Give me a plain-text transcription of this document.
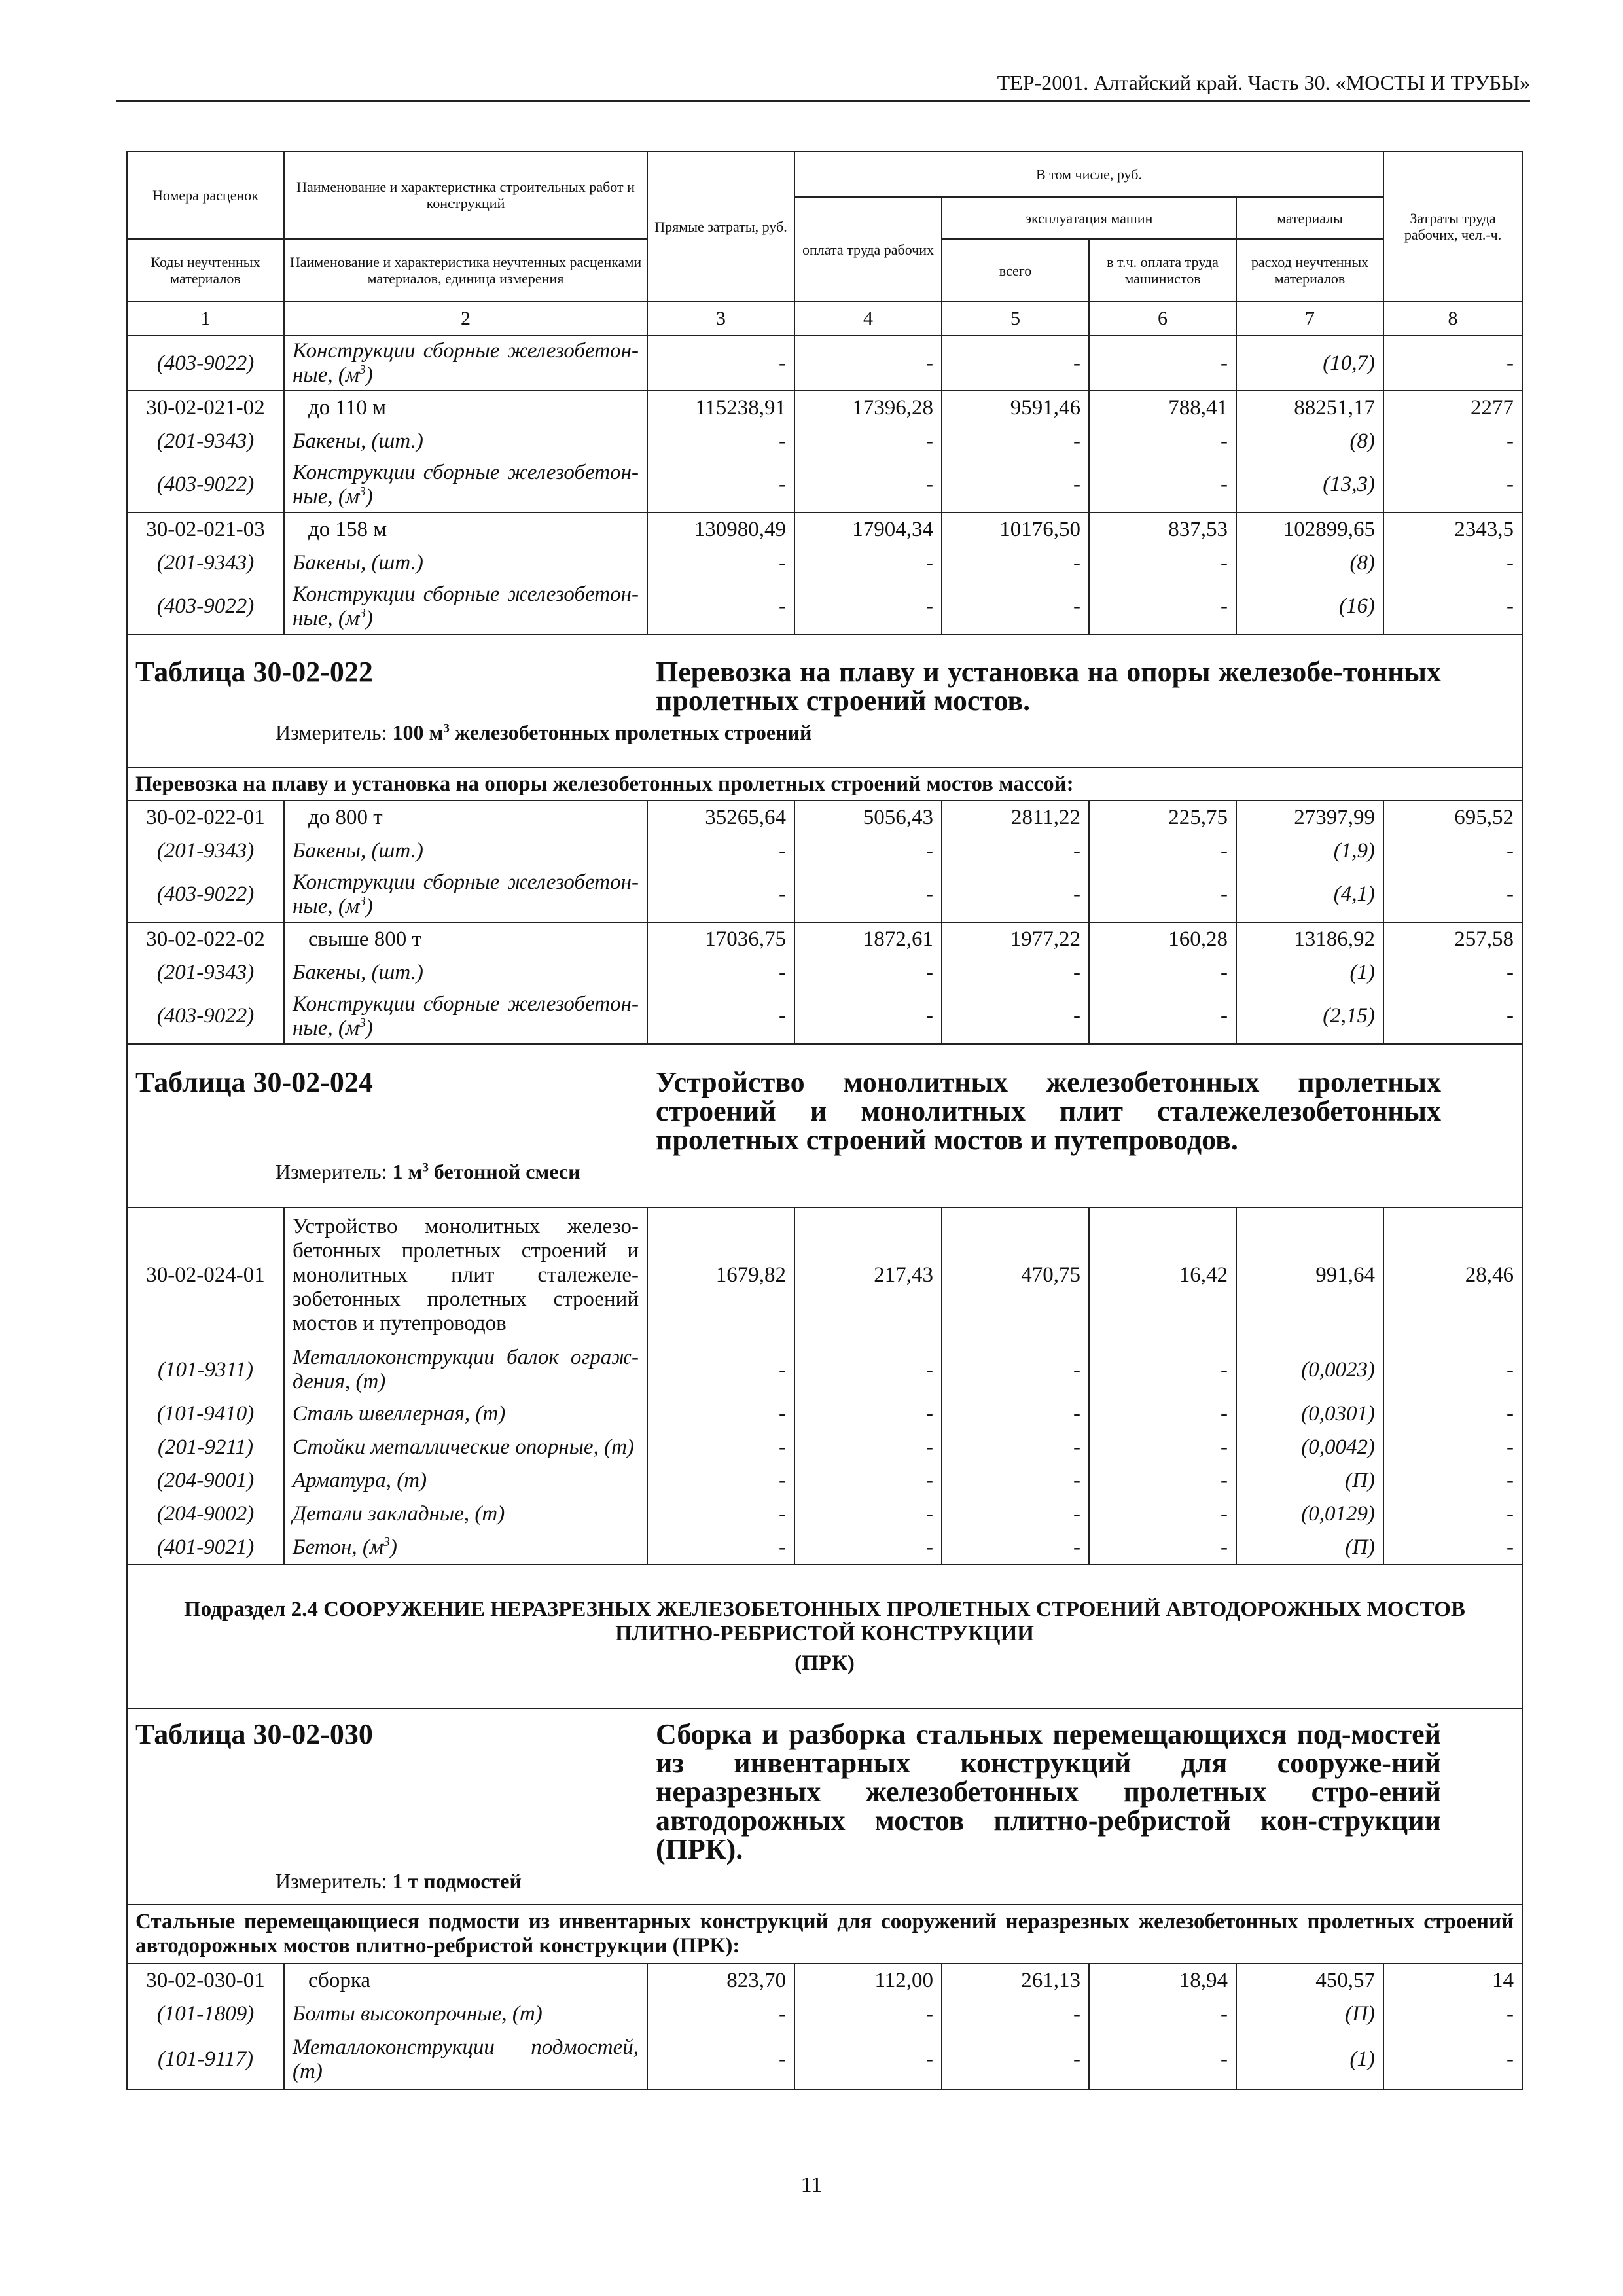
ТЕР-2001. Алтайский край. Часть 30. «МОСТЫ И ТРУБЫ»
Номера расценок	Наименование и характеристика строительных работ и конструкций	Прямые затраты, руб.	В том числе, руб.				Затраты труда рабочих, чел.-ч.
			оплата труда рабочих	эксплуатация машин		материалы	
Коды неучтенных материалов	Наименование и характеристика неучтенных расценками материалов, единица измерения			всего	в т.ч. оплата труда машинистов	расход неучтенных материалов	
1	2	3	4	5	6	7	8
(403-9022)	Конструкции сборные железобетон-ные, $(м^3)$	-	-	-	-	(10,7)	-
30-02-021-02	до 110 м	115238,91	17396,28	9591,46	788,41	88251,17	2277
(201-9343)	Бакены, (шт.)	-	-	-	-	(8)	-
(403-9022)	Конструкции сборные железобетон-ные, $(м^3)$	-	-	-	-	(13,3)	-
30-02-021-03	до 158 м	130980,49	17904,34	10176,50	837,53	102899,65	2343,5
(201-9343)	Бакены, (шт.)	-	-	-	-	(8)	-
(403-9022)	Конструкции сборные железобетон-ные, $(м^3)$	-	-	-	-	(16)	-

Таблица 30-02-022 Перевозка на плаву и установка на опоры железобе-тонных пролетных строений мостов.
Измеритель: 100 $м^3$ железобетонных пролетных строений							

Перевозка на плаву и установка на опоры железобетонных пролетных строений мостов массой:							
30-02-022-01	до 800 т	35265,64	5056,43	2811,22	225,75	27397,99	695,52
(201-9343)	Бакены, (шт.)	-	-	-	-	(1,9)	-
(403-9022)	Конструкции сборные железобетон-ные, $(м^3)$	-	-	-	-	(4,1)	-
30-02-022-02	свыше 800 т	17036,75	1872,61	1977,22	160,28	13186,92	257,58
(201-9343)	Бакены, (шт.)	-	-	-	-	(1)	-
(403-9022)	Конструкции сборные железобетон-ные, $(м^3)$	-	-	-	-	(2,15)	-

Таблица 30-02-024 Устройство монолитных железобетонных пролетных строений и монолитных плит сталежелезобетонных пролетных строений мостов и путепроводов.
Измеритель: 1 $м^3$ бетонной смеси							

30-02-024-01	Устройство монолитных железо-бетонных пролетных строений и монолитных плит сталежеле-зобетонных пролетных строений мостов и путепроводов	1679,82	217,43	470,75	16,42	991,64	28,46
(101-9311)	Металлоконструкции балок ограж-дения, (т)	-	-	-	-	(0,0023)	-
(101-9410)	Сталь швеллерная, (т)	-	-	-	-	(0,0301)	-
(201-9211)	Стойки металлические опорные, (т)	-	-	-	-	(0,0042)	-
(204-9001)	Арматура, (т)	-	-	-	-	(П)	-
(204-9002)	Детали закладные, (т)	-	-	-	-	(0,0129)	-
(401-9021)	Бетон, $(м^3)$	-	-	-	-	(П)	-

Подраздел 2.4 СООРУЖЕНИЕ НЕРАЗРЕЗНЫХ ЖЕЛЕЗОБЕТОННЫХ ПРОЛЕТНЫХ СТРОЕНИЙ АВТОДОРОЖНЫХ МОСТОВ ПЛИТНО-РЕБРИСТОЙ КОНСТРУКЦИИ
(ПРК)							

Таблица 30-02-030 Сборка и разборка стальных перемещающихся под-мостей из инвентарных конструкций для сооруже-ний неразрезных железобетонных пролетных стро-ений автодорожных мостов плитно-ребристой кон-струкции (ПРК).
Измеритель: 1 т подмостей							

Стальные перемещающиеся подмости из инвентарных конструкций для сооружений неразрезных железобетонных пролетных строений автодорожных мостов плитно-ребристой конструкции (ПРК):							
30-02-030-01	сборка	823,70	112,00	261,13	18,94	450,57	14
(101-1809)	Болты высокопрочные, (т)	-	-	-	-	(П)	-
(101-9117)	Металлоконструкции подмостей, (т)	-	-	-	-	(1)	-
11
